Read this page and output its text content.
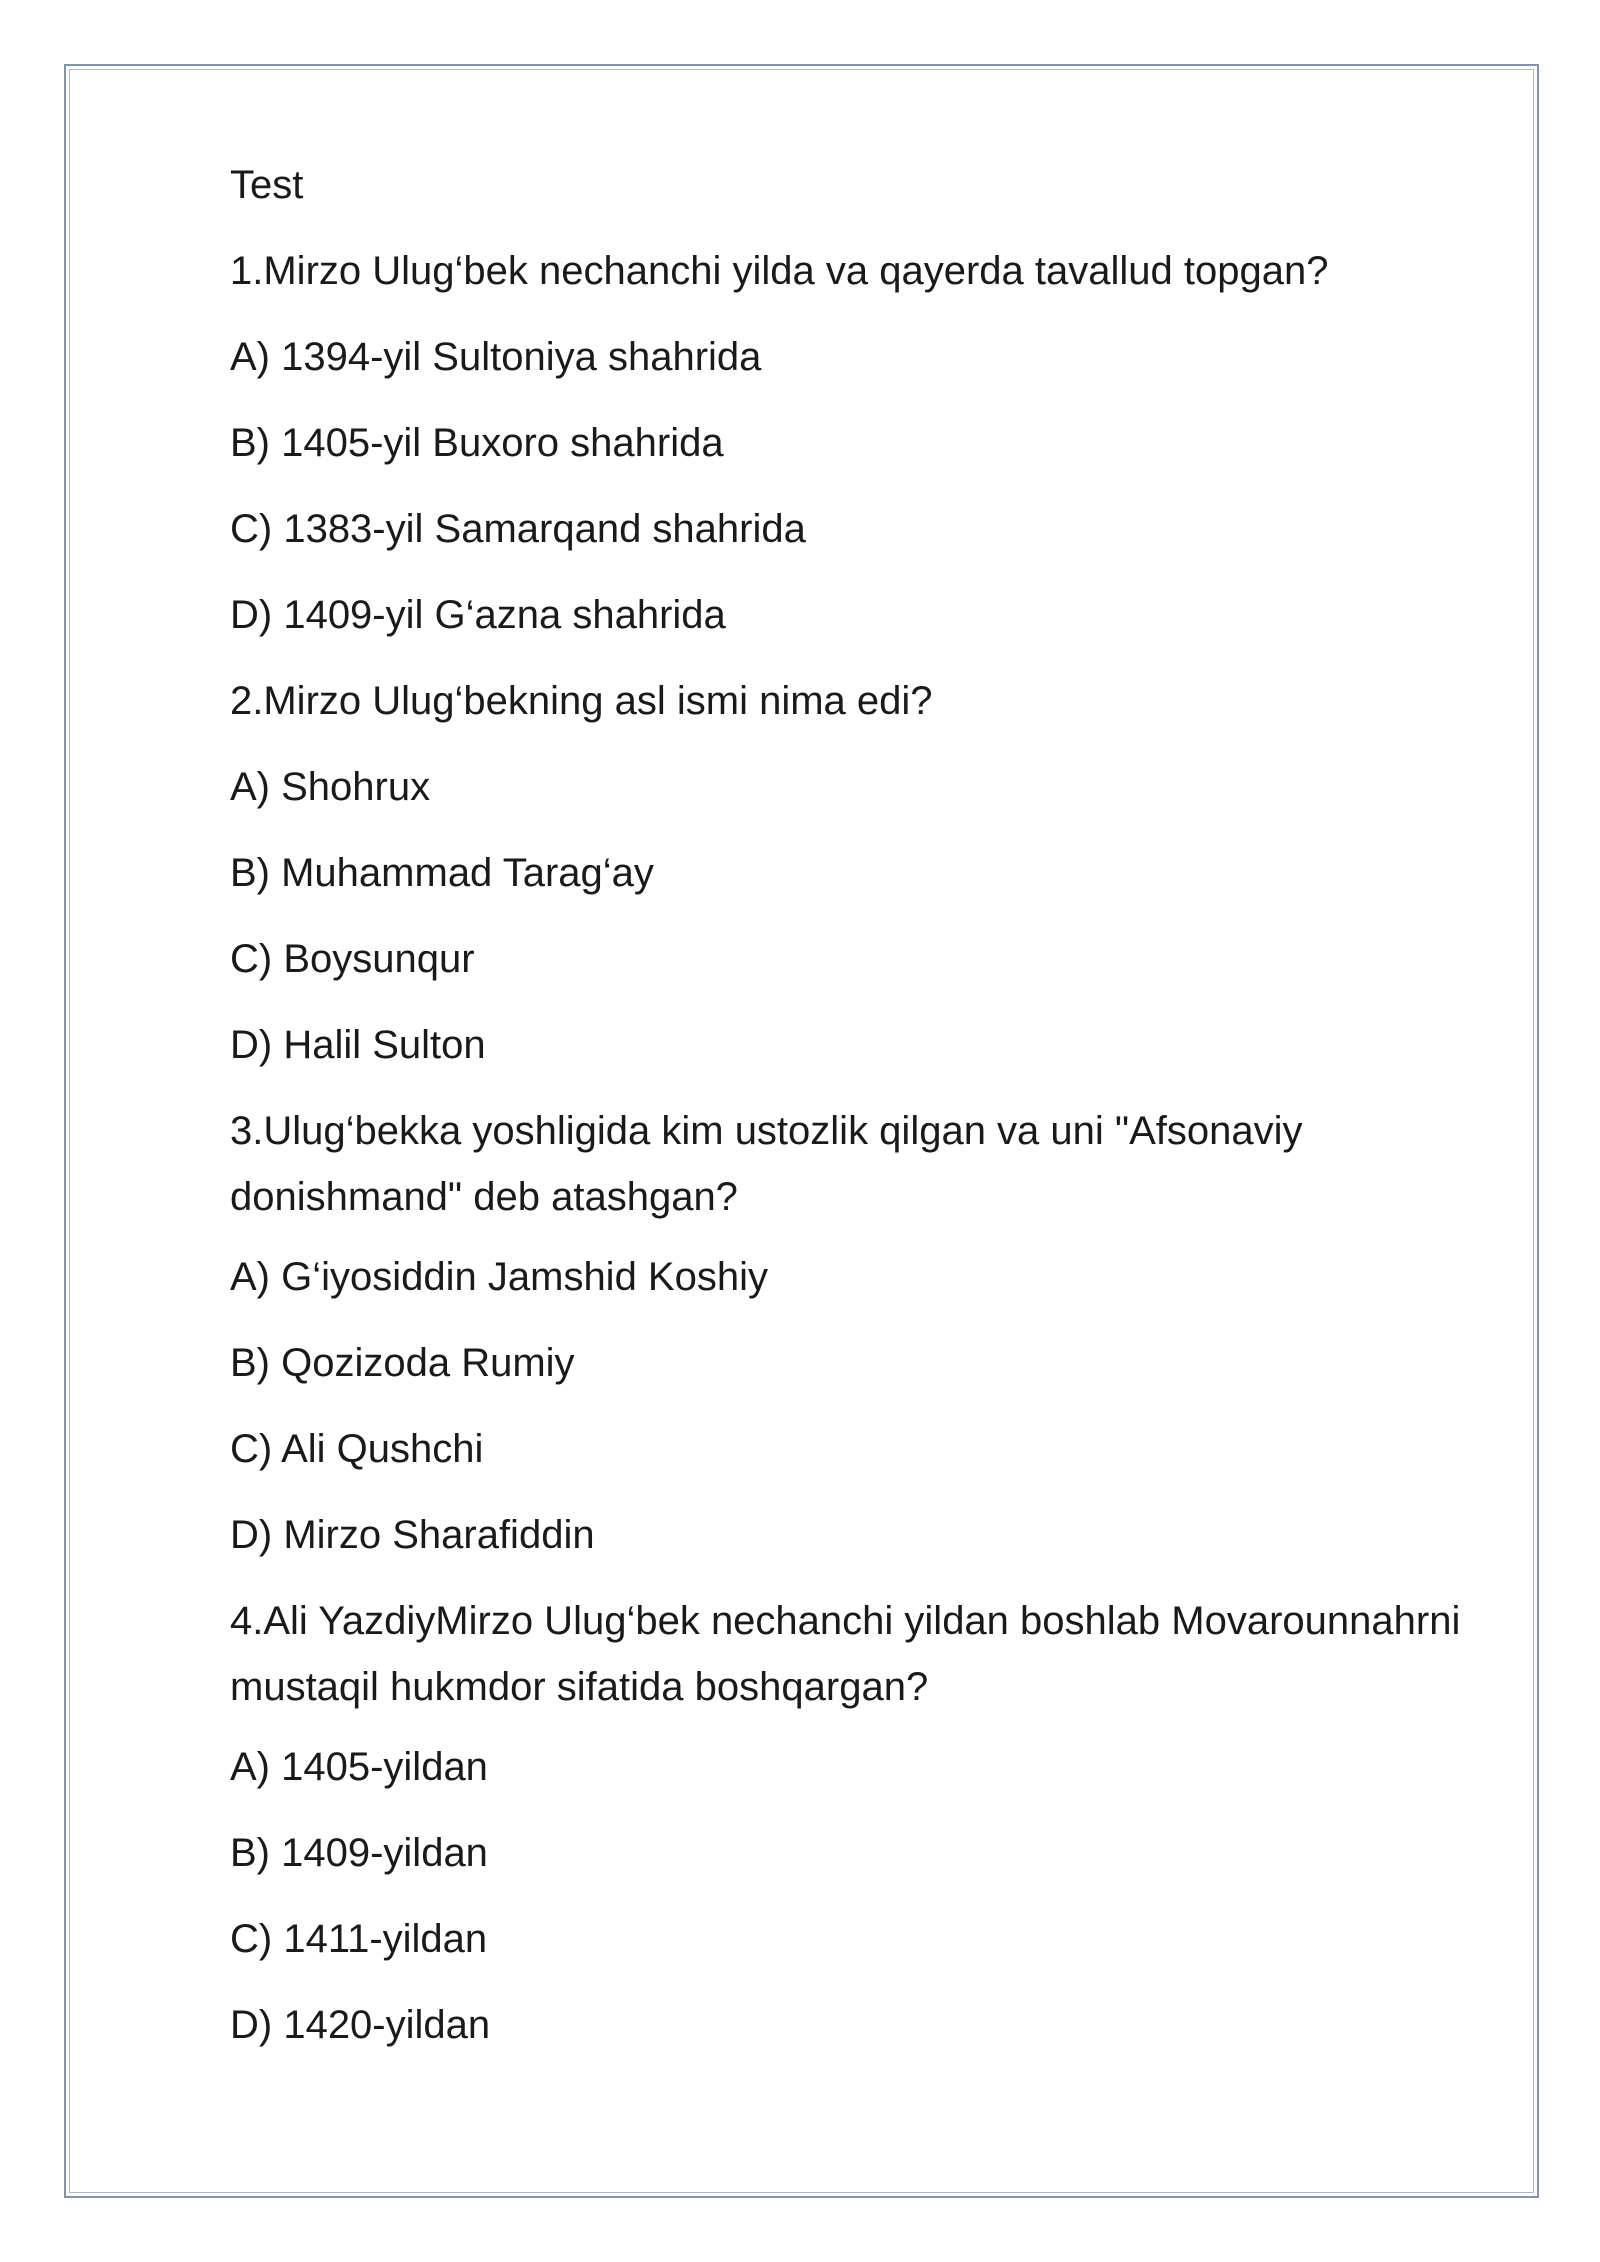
Test
1.Mirzo Ulug‘bek nechanchi yilda va qayerda tavallud topgan?
A) 1394-yil Sultoniya shahrida
B) 1405-yil Buxoro shahrida
C) 1383-yil Samarqand shahrida
D) 1409-yil G‘azna shahrida
2.Mirzo Ulug‘bekning asl ismi nima edi?
A) Shohrux
B) Muhammad Tarag‘ay
C) Boysunqur
D) Halil Sulton
3.Ulug‘bekka yoshligida kim ustozlik qilgan va uni "Afsonaviy donishmand" deb atashgan?
A) G‘iyosiddin Jamshid Koshiy
B) Qozizoda Rumiy
C) Ali Qushchi
D) Mirzo Sharafiddin
4.Ali YazdiyMirzo Ulug‘bek nechanchi yildan boshlab Movarounnahrni mustaqil hukmdor sifatida boshqargan?
A) 1405-yildan
B) 1409-yildan
C) 1411-yildan
D) 1420-yildan
